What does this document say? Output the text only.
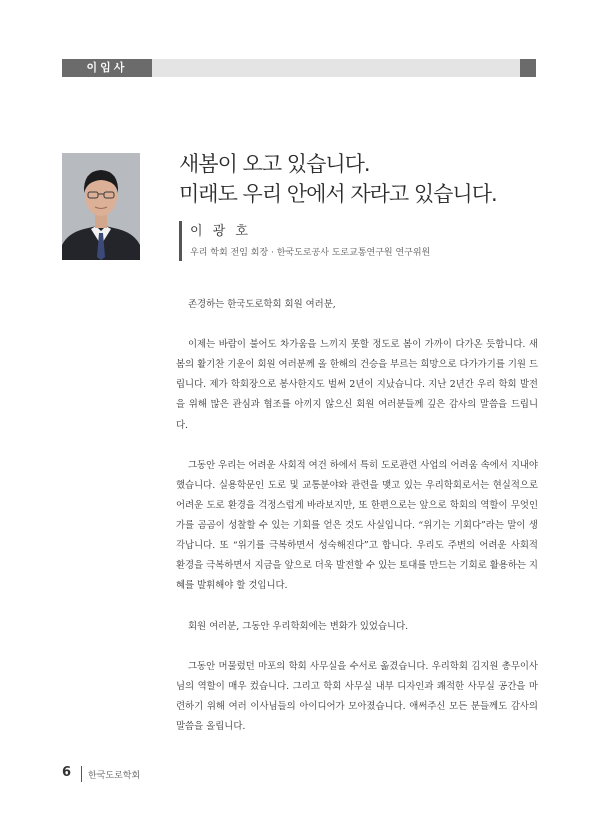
이임사
새봄이 오고 있습니다.
미래도 우리 안에서 자라고 있습니다.
이 광 호
우리 학회 전임 회장 · 한국도로공사 도로교통연구원 연구위원

존경하는 한국도로학회 회원 여러분,

이제는 바람이 불어도 차가움을 느끼지 못할 정도로 봄이 가까이 다가온 듯합니다. 새봄의 활기찬 기운이 회원 여러분께 올 한해의 건승을 부르는 희망으로 다가가기를 기원 드립니다. 제가 학회장으로 봉사한지도 벌써 2년이 지났습니다. 지난 2년간 우리 학회 발전을 위해 많은 관심과 협조를 아끼지 않으신 회원 여러분들께 깊은 감사의 말씀을 드립니다.

그동안 우리는 어려운 사회적 여건 하에서 특히 도로관련 사업의 어려움 속에서 지내야 했습니다. 실용학문인 도로 및 교통분야와 관련을 맺고 있는 우리학회로서는 현실적으로 어려운 도로 환경을 걱정스럽게 바라보지만, 또 한편으로는 앞으로 학회의 역할이 무엇인가를 곰곰이 성찰할 수 있는 기회를 얻은 것도 사실입니다. “위기는 기회다”라는 말이 생각납니다. 또 “위기를 극복하면서 성숙해진다”고 합니다. 우리도 주변의 어려운 사회적 환경을 극복하면서 지금을 앞으로 더욱 발전할 수 있는 토대를 만드는 기회로 활용하는 지혜를 발휘해야 할 것입니다.

회원 여러분, 그동안 우리학회에는 변화가 있었습니다.

그동안 머물렀던 마포의 학회 사무실을 수서로 옮겼습니다. 우리학회 김지원 총무이사님의 역할이 매우 컸습니다. 그리고 학회 사무실 내부 디자인과 쾌적한 사무실 공간을 마련하기 위해 여러 이사님들의 아이디어가 모아졌습니다. 애써주신 모든 분들께도 감사의 말씀을 올립니다.

6 한국도로학회
